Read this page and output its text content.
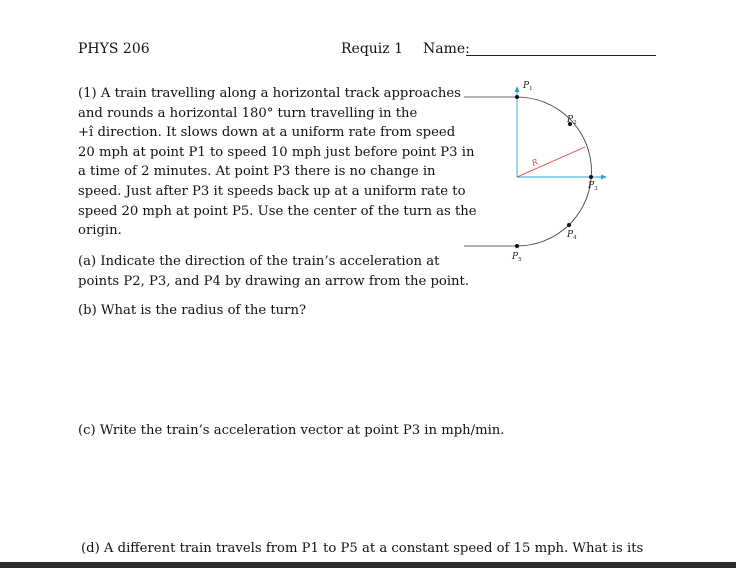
PHYS 206	Requiz 1 Name:
(1) A train travelling along a horizontal track approaches
and rounds a horizontal 180° turn travelling in the
+î direction. It slows down at a uniform rate from speed
20 mph at point P1 to speed 10 mph just before point P3 in
a time of 2 minutes. At point P3 there is no change in
speed. Just after P3 it speeds back up at a uniform rate to
speed 20 mph at point P5. Use the center of the turn as the
origin.
(a) Indicate the direction of the train’s acceleration at
points P2, P3, and P4 by drawing an arrow from the point.
(b) What is the radius of the turn?
(c) Write the train’s acceleration vector at point P3 in mph/min.
(d) A different train travels from P1 to P5 at a constant speed of 15 mph. What is its
R
$P_1$
$P_2$
$P_3$
$P_4$
$P_5$
